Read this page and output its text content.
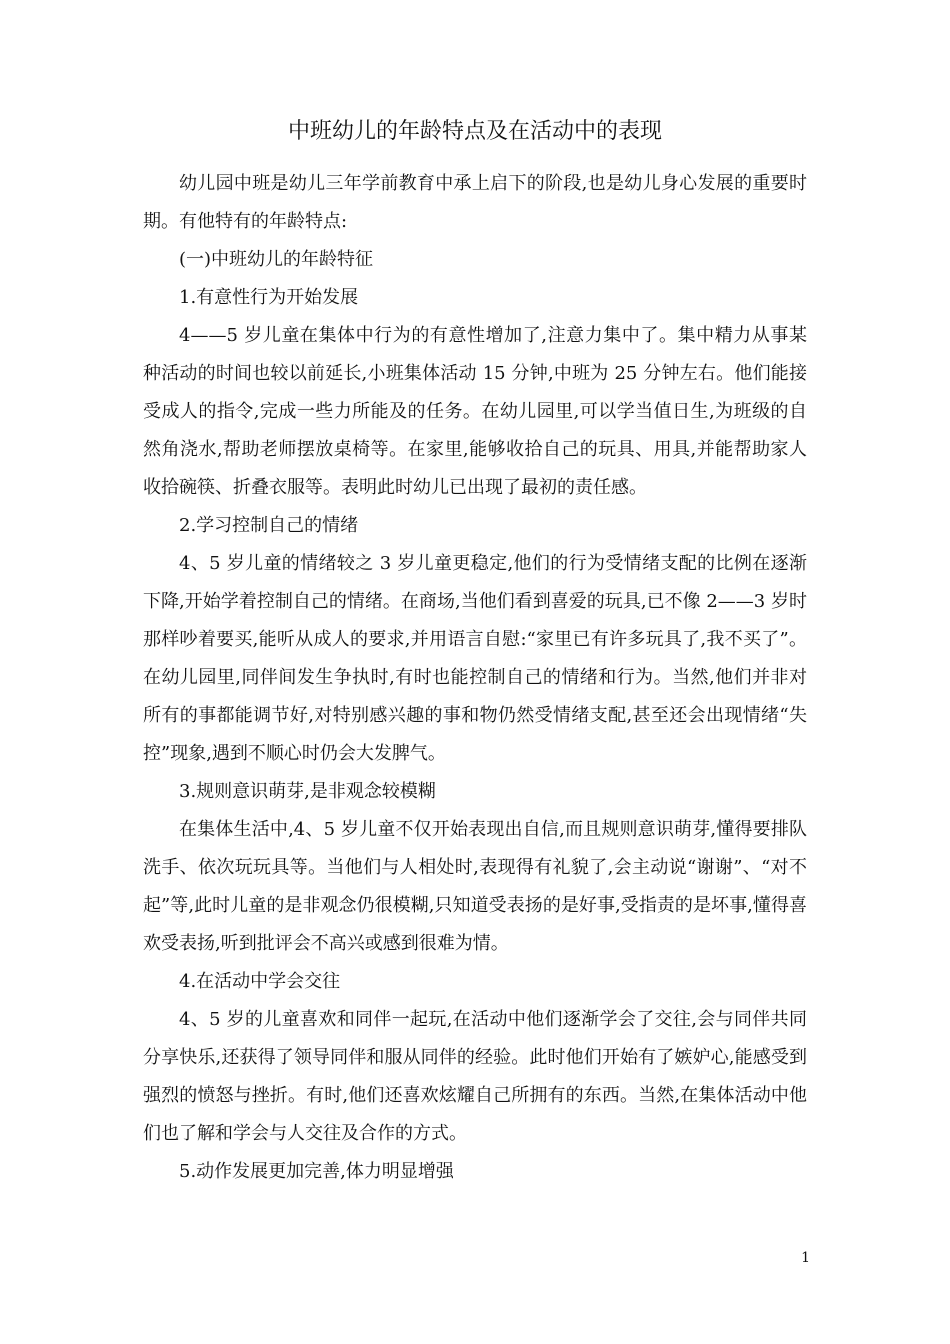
中班幼儿的年龄特点及在活动中的表现

幼儿园中班是幼儿三年学前教育中承上启下的阶段,也是幼儿身心发展的重要时期。有他特有的年龄特点:

(一)中班幼儿的年龄特征

1.有意性行为开始发展

4——5 岁儿童在集体中行为的有意性增加了,注意力集中了。集中精力从事某种活动的时间也较以前延长,小班集体活动 15 分钟,中班为 25 分钟左右。他们能接受成人的指令,完成一些力所能及的任务。在幼儿园里,可以学当值日生,为班级的自然角浇水,帮助老师摆放桌椅等。在家里,能够收拾自己的玩具、用具,并能帮助家人收拾碗筷、折叠衣服等。表明此时幼儿已出现了最初的责任感。

2.学习控制自己的情绪

4、5 岁儿童的情绪较之 3 岁儿童更稳定,他们的行为受情绪支配的比例在逐渐下降,开始学着控制自己的情绪。在商场,当他们看到喜爱的玩具,已不像 2——3 岁时那样吵着要买,能听从成人的要求,并用语言自慰:“家里已有许多玩具了,我不买了”。在幼儿园里,同伴间发生争执时,有时也能控制自己的情绪和行为。当然,他们并非对所有的事都能调节好,对特别感兴趣的事和物仍然受情绪支配,甚至还会出现情绪“失控”现象,遇到不顺心时仍会大发脾气。

3.规则意识萌芽,是非观念较模糊

在集体生活中,4、5 岁儿童不仅开始表现出自信,而且规则意识萌芽,懂得要排队洗手、依次玩玩具等。当他们与人相处时,表现得有礼貌了,会主动说“谢谢”、“对不起”等,此时儿童的是非观念仍很模糊,只知道受表扬的是好事,受指责的是坏事,懂得喜欢受表扬,听到批评会不高兴或感到很难为情。

4.在活动中学会交往

4、5 岁的儿童喜欢和同伴一起玩,在活动中他们逐渐学会了交往,会与同伴共同分享快乐,还获得了领导同伴和服从同伴的经验。此时他们开始有了嫉妒心,能感受到强烈的愤怒与挫折。有时,他们还喜欢炫耀自己所拥有的东西。当然,在集体活动中他们也了解和学会与人交往及合作的方式。

5.动作发展更加完善,体力明显增强

1
